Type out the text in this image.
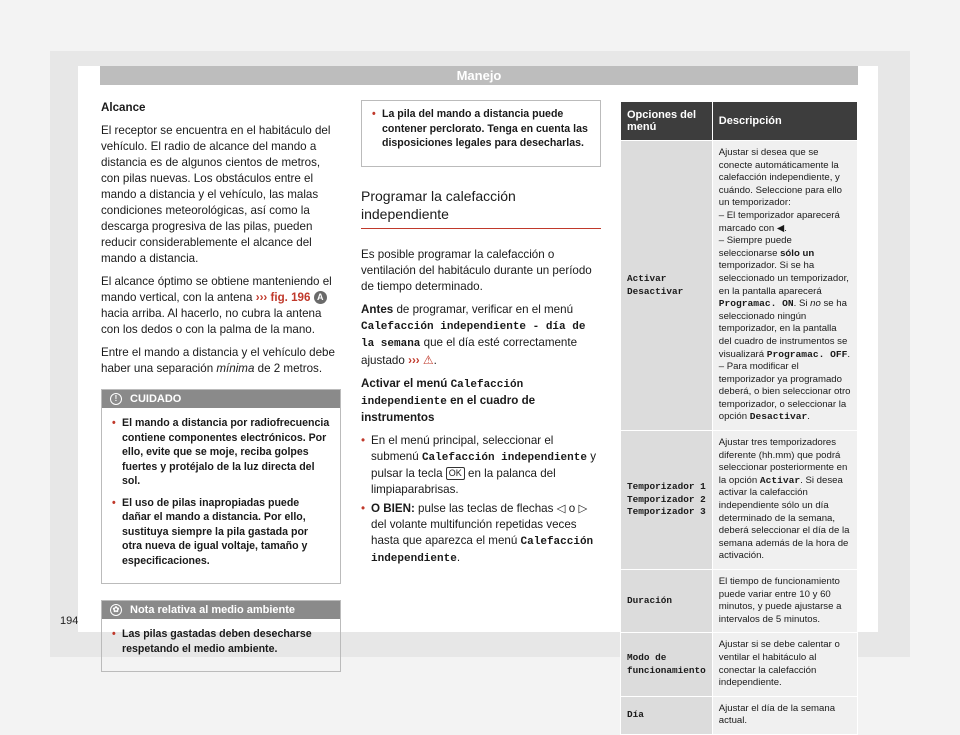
Manejo

Alcance

El receptor se encuentra en el habitáculo del vehículo. El radio de alcance del mando a distancia es de algunos cientos de metros, con pilas nuevas. Los obstáculos entre el mando a distancia y el vehículo, las malas condiciones meteorológicas, así como la descarga progresiva de las pilas, pueden reducir considerablemente el alcance del mando a distancia.

El alcance óptimo se obtiene manteniendo el mando vertical, con la antena ››› fig. 196 A hacia arriba. Al hacerlo, no cubra la antena con los dedos o con la palma de la mano.

Entre el mando a distancia y el vehículo debe haber una separación mínima de 2 metros.

!	CUIDADO

• El mando a distancia por radiofrecuencia contiene componentes electrónicos. Por ello, evite que se moje, reciba golpes fuertes y protéjalo de la luz directa del sol.

• El uso de pilas inapropiadas puede dañar el mando a distancia. Por ello, sustituya siempre la pila gastada por otra nueva de igual voltaje, tamaño y especificaciones.

✿ Nota relativa al medio ambiente

• Las pilas gastadas deben desecharse respetando el medio ambiente.

• La pila del mando a distancia puede contener perclorato. Tenga en cuenta las disposiciones legales para desecharlas.

Programar la calefacción independiente

Es posible programar la calefacción o ventilación del habitáculo durante un período de tiempo determinado.

Antes de programar, verificar en el menú Calefacción independiente - día de la semana que el día esté correctamente ajustado ››› ⚠.

Activar el menú Calefacción independiente en el cuadro de instrumentos

• En el menú principal, seleccionar el submenú Calefacción independiente y pulsar la tecla OK en la palanca del limpiaparabrisas.
• O BIEN: pulse las teclas de flechas ◁ o ▷ del volante multifunción repetidas veces hasta que aparezca el menú Calefacción independiente.
Opciones del menú	Descripción
Activar Desactivar	Ajustar si desea que se conecte automáticamente la calefacción independiente, y cuándo. Seleccione para ello un temporizador:
– El temporizador aparecerá marcado con ◀.
– Siempre puede seleccionarse sólo un temporizador. Si se ha seleccionado un temporizador, en la pantalla aparecerá Programac. ON. Si no se ha seleccionado ningún temporizador, en la pantalla del cuadro de instrumentos se visualizará Programac. OFF.
– Para modificar el temporizador ya programado deberá, o bien seleccionar otro temporizador, o seleccionar la opción Desactivar.
Temporizador 1 Temporizador 2 Temporizador 3	Ajustar tres temporizadores diferente (hh.mm) que podrá seleccionar posteriormente en la opción Activar. Si desea activar la calefacción independiente sólo un día determinado de la semana, deberá seleccionar el día de la semana además de la hora de activación.
Duración	El tiempo de funcionamiento puede variar entre 10 y 60 minutos, y puede ajustarse a intervalos de 5 minutos.
Modo de funcionamiento	Ajustar si se debe calentar o ventilar el habitáculo al conectar la calefacción independiente.
Día	Ajustar el día de la semana actual.
194
